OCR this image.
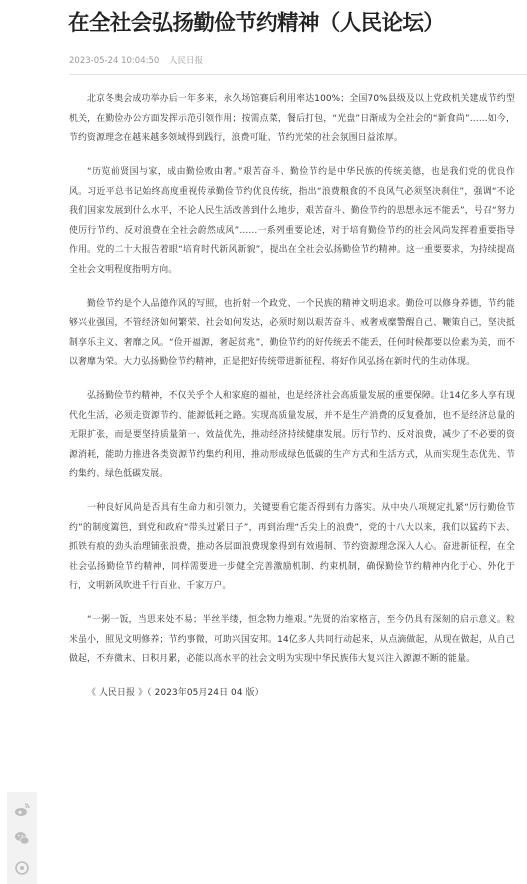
在全社会弘扬勤俭节约精神（人民论坛）
2023-05-24 10:04:50 人民日报

北京冬奥会成功举办后一年多来，永久场馆赛后利用率达100%；全国70%县级及以上党政机关建成节约型机关，在勤俭办公方面发挥示范引领作用；按需点菜，餐后打包，“光盘”日渐成为全社会的“新食尚”……如今，节约资源理念在越来越多领域得到践行，浪费可耻、节约光荣的社会氛围日益浓厚。

“历览前贤国与家，成由勤俭败由奢。”艰苦奋斗、勤俭节约是中华民族的传统美德，也是我们党的优良作风。习近平总书记始终高度重视传承勤俭节约优良传统，指出“浪费粮食的不良风气必须坚决刹住”，强调“不论我们国家发展到什么水平，不论人民生活改善到什么地步，艰苦奋斗、勤俭节约的思想永远不能丢”，号召“努力使厉行节约、反对浪费在全社会蔚然成风”……一系列重要论述，对于培育勤俭节约的社会风尚发挥着重要指导作用。党的二十大报告着眼“培育时代新风新貌”，提出在全社会弘扬勤俭节约精神。这一重要要求，为持续提高全社会文明程度指明方向。

勤俭节约是个人品德作风的写照，也折射一个政党、一个民族的精神文明追求。勤俭可以修身养德，节约能够兴业强国，不管经济如何繁荣、社会如何发达，必须时刻以艰苦奋斗、戒奢戒糜警醒自己、鞭策自己，坚决抵制享乐主义、奢靡之风。“俭开福源，奢起贫兆”，勤俭节约的好传统丢不能丢，任何时候都要以俭素为美，而不以奢靡为荣。大力弘扬勤俭节约精神，正是把好传统带进新征程、将好作风弘扬在新时代的生动体现。

弘扬勤俭节约精神，不仅关乎个人和家庭的福祉，也是经济社会高质量发展的重要保障。让14亿多人享有现代化生活，必须走资源节约、能源低耗之路。实现高质量发展，并不是生产消费的反复叠加，也不是经济总量的无限扩张，而是要坚持质量第一、效益优先，推动经济持续健康发展。厉行节约、反对浪费，减少了不必要的资源消耗，能助力推进各类资源节约集约利用，推动形成绿色低碳的生产方式和生活方式，从而实现生态优先、节约集约、绿色低碳发展。

一种良好风尚是否具有生命力和引领力，关键要看它能否得到有力落实。从中央八项规定扎紧“厉行勤俭节约”的制度篱笆，到党和政府“带头过紧日子”，再到治理“舌尖上的浪费”，党的十八大以来，我们以猛药下去、抓铁有痕的劲头治理铺张浪费，推动各层面浪费现象得到有效遏制、节约资源理念深入人心。奋进新征程，在全社会弘扬勤俭节约精神，同样需要进一步健全完善激励机制、约束机制，确保勤俭节约精神内化于心、外化于行，文明新风吹进千行百业、千家万户。

“一粥一饭，当思来处不易；半丝半缕，恒念物力维艰。”先贤的治家格言，至今仍具有深刻的启示意义。粒米虽小，照见文明修养；节约事微，可助兴国安邦。14亿多人共同行动起来，从点滴做起，从现在做起，从自己做起，不弃微末、日积月累，必能以高水平的社会文明为实现中华民族伟大复兴注入源源不断的能量。

《 人民日报 》（ 2023年05月24日 04 版）
